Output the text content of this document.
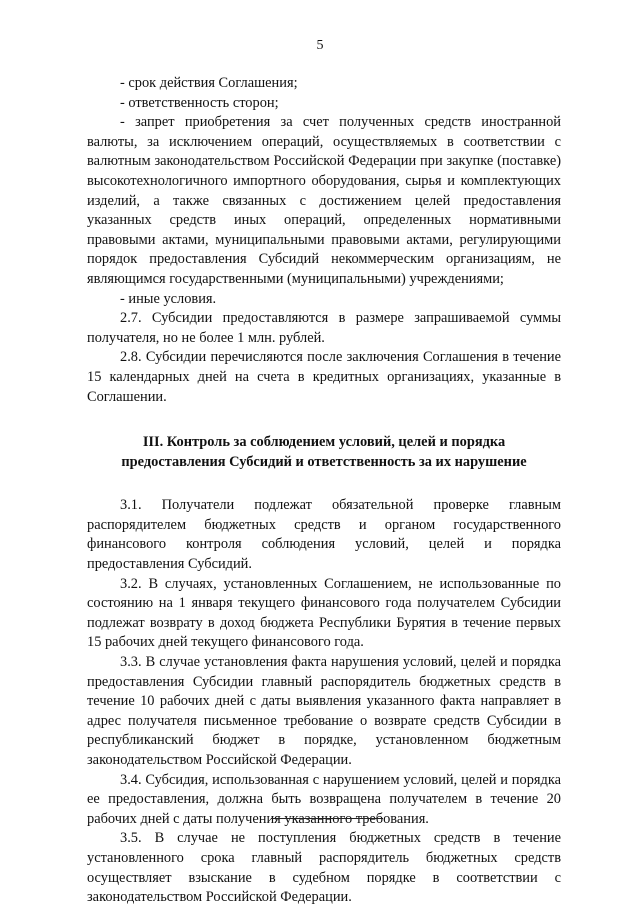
5

- срок действия Соглашения;

- ответственность сторон;

- запрет приобретения за счет полученных средств иностранной валюты, за исключением операций, осуществляемых в соответствии с валютным законодательством Российской Федерации при закупке (поставке) высокотехнологичного импортного оборудования, сырья и комплектующих изделий, а также связанных с достижением целей предоставления указанных средств иных операций, определенных нормативными правовыми актами, муниципальными правовыми актами, регулирующими порядок предоставления Субсидий некоммерческим организациям, не являющимся государственными (муниципальными) учреждениями;

- иные условия.

2.7. Субсидии предоставляются в размере запрашиваемой суммы получателя, но не более 1 млн. рублей.

2.8. Субсидии перечисляются после заключения Соглашения в течение 15 календарных дней на счета в кредитных организациях, указанные в Соглашении.

III. Контроль за соблюдением условий, целей и порядка
предоставления Субсидий и ответственность за их нарушение

3.1. Получатели подлежат обязательной проверке главным распорядителем бюджетных средств и органом государственного финансового контроля соблюдения условий, целей и порядка предоставления Субсидий.

3.2. В случаях, установленных Соглашением, не использованные по состоянию на 1 января текущего финансового года получателем Субсидии подлежат возврату в доход бюджета Республики Бурятия в течение первых 15 рабочих дней текущего финансового года.

3.3. В случае установления факта нарушения условий, целей и порядка предоставления Субсидии главный распорядитель бюджетных средств в течение 10 рабочих дней с даты выявления указанного факта направляет в адрес получателя письменное требование о возврате средств Субсидии в республиканский бюджет в порядке, установленном бюджетным законодательством Российской Федерации.

3.4. Субсидия, использованная с нарушением условий, целей и порядка ее предоставления, должна быть возвращена получателем в течение 20 рабочих дней с даты получения указанного требования.

3.5. В случае не поступления бюджетных средств в течение установленного срока главный распорядитель бюджетных средств осуществляет взыскание в судебном порядке в соответствии с законодательством Российской Федерации.
